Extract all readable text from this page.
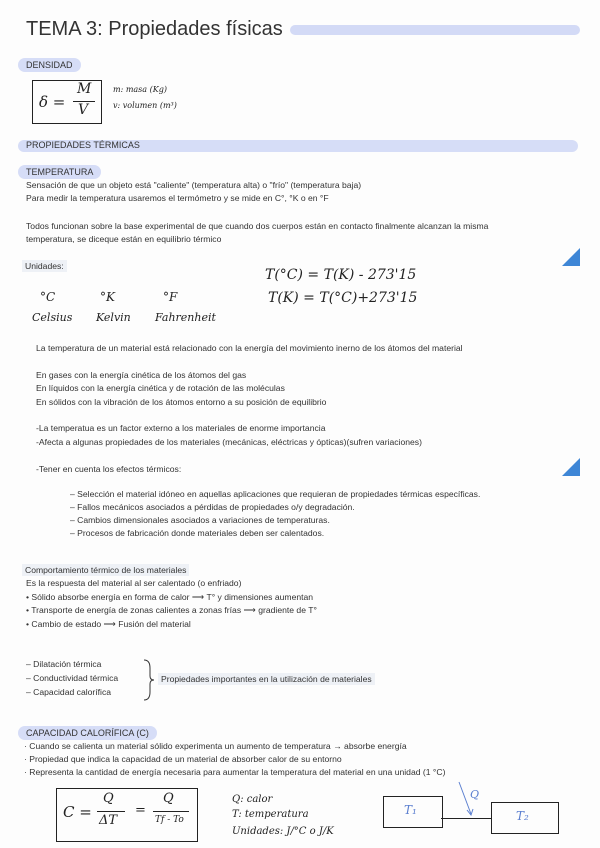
TEMA 3: Propiedades físicas
DENSIDAD
δ =
M
V
m: masa (Kg)
v: volumen (m³)
PROPIEDADES TÉRMICAS
TEMPERATURA
Sensación de que un objeto está "caliente" (temperatura alta) o "frío" (temperatura baja)
Para medir la temperatura usaremos el termómetro y se mide en C°, °K o en °F
Todos funcionan sobre la base experimental de que cuando dos cuerpos están en contacto finalmente alcanzan la misma
temperatura, se diceque están en equilibrio térmico
Unidades:
T(°C) = T(K) - 273'15
T(K) = T(°C)+273'15
°C	°K	°F
Celsius Kelvin Fahrenheit
La temperatura de un material está relacionado con la energía del movimiento inerno de los átomos del material
En gases con la energía cinética de los átomos del gas
En líquidos con la energía cinética y de rotación de las moléculas
En sólidos con la vibración de los átomos entorno a su posición de equilibrio
-La temperatua es un factor externo a los materiales de enorme importancia
-Afecta a algunas propiedades de los materiales (mecánicas, eléctricas y ópticas)(sufren variaciones)
-Tener en cuenta los efectos térmicos:
– Selección el material idóneo en aquellas aplicaciones que requieran de propiedades térmicas específicas.
– Fallos mecánicos asociados a pérdidas de propiedades o/y degradación.
– Cambios dimensionales asociados a variaciones de temperaturas.
– Procesos de fabricación donde materiales deben ser calentados.
Comportamiento térmico de los materiales
Es la respuesta del material al ser calentado (o enfriado)
• Sólido absorbe energía en forma de calor ⟶ T° y dimensiones aumentan
• Transporte de energía de zonas calientes a zonas frías ⟶ gradiente de T°
• Cambio de estado ⟶ Fusión del material
– Dilatación térmica
– Conductividad térmica
– Capacidad calorífica
Propiedades importantes en la utilización de materiales
CAPACIDAD CALORÍFICA (C)
· Cuando se calienta un material sólido experimenta un aumento de temperatura → absorbe energía
· Propiedad que indica la capacidad de un material de absorber calor de su entorno
· Representa la cantidad de energía necesaria para aumentar la temperatura del material en una unidad (1 °C)
C =
Q
ΔT
=
Q
Tf - To
Q: calor
T: temperatura
Unidades: J/°C o J/K
T₁	T₂
Q
